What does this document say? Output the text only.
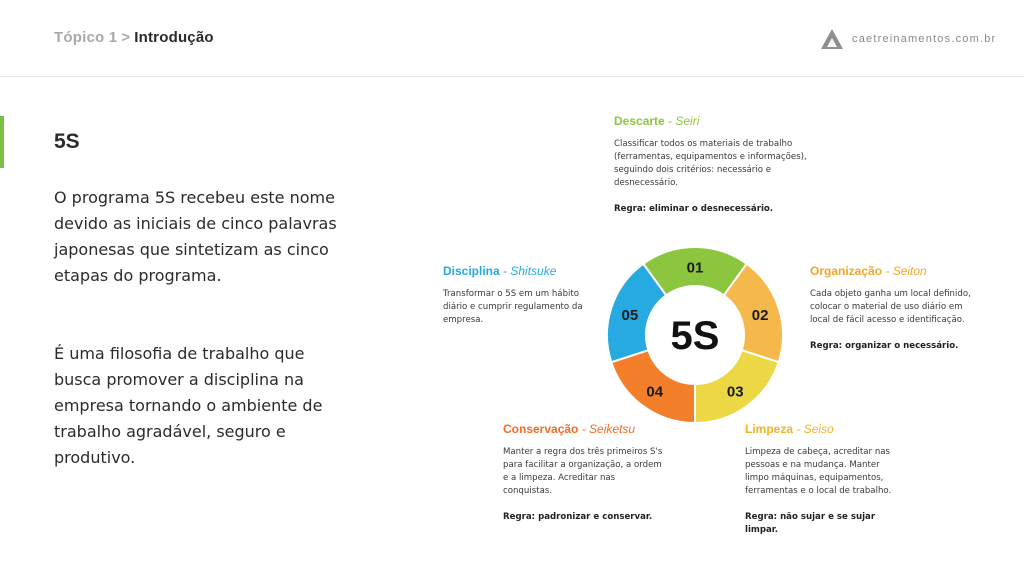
Tópico 1 > Introdução	caetreinamentos.com.br
5S
O programa 5S recebeu este nome devido as iniciais de cinco palavras japonesas que sintetizam as cinco etapas do programa.
É uma filosofia de trabalho que busca promover a disciplina na empresa tornando o ambiente de trabalho agradável, seguro e produtivo.
5S
01
02
03
04
05
Descarte - Seiri

Classificar todos os materiais de trabalho (ferramentas, equipamentos e informações), seguindo dois critérios: necessário e desnecessário.

Regra: eliminar o desnecessário.
Organização - Seiton

Cada objeto ganha um local definido, colocar o material de uso diário em local de fácil acesso e identificação.

Regra: organizar o necessário.
Limpeza - Seiso

Limpeza de cabeça, acreditar nas pessoas e na mudança. Manter limpo máquinas, equipamentos, ferramentas e o local de trabalho.

Regra: não sujar e se sujar limpar.
Conservação - Seiketsu

Manter a regra dos três primeiros S's para facilitar a organização, a ordem e a limpeza. Acreditar nas conquistas.

Regra: padronizar e conservar.
Disciplina - Shitsuke

Transformar o 5S em um hábito diário e cumprir regulamento da empresa.
